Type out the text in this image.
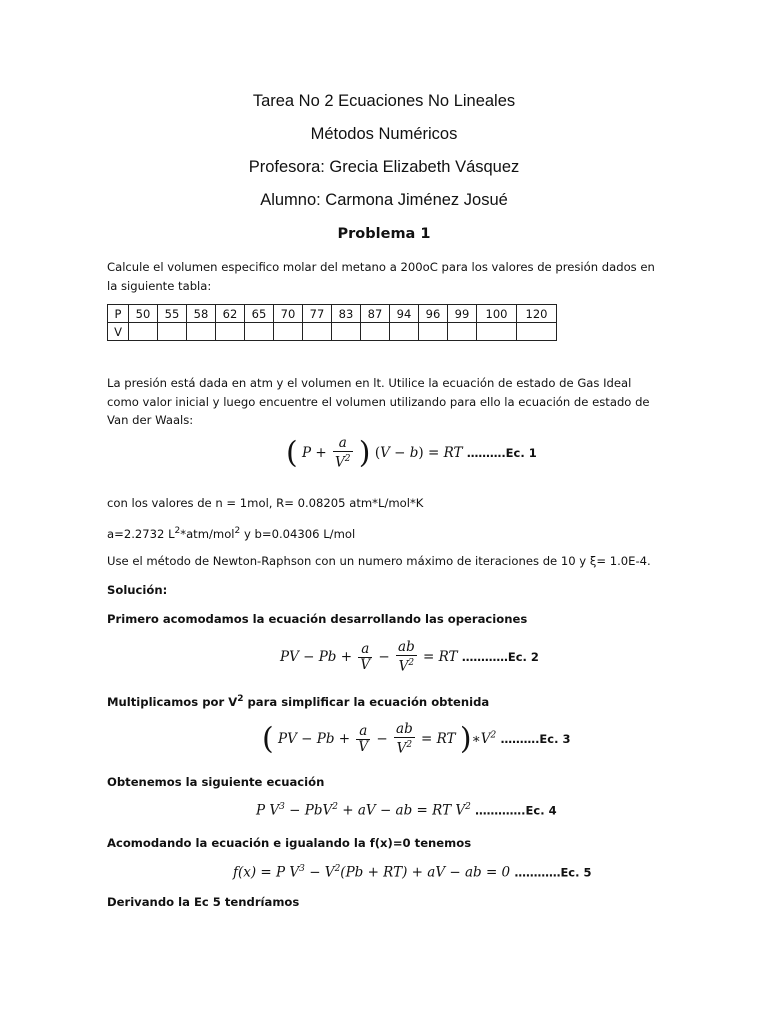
Tarea No 2 Ecuaciones No Lineales
Métodos Numéricos
Profesora: Grecia Elizabeth Vásquez
Alumno: Carmona Jiménez Josué
Problema 1
Calcule el volumen especifico molar del metano a 200oC para los valores de presión dados en la siguiente tabla:
P	50	55	58	62	65	70	77	83	87	94	96	99	100	120
V														
La presión está dada en atm y el volumen en lt. Utilice la ecuación de estado de Gas Ideal como valor inicial y luego encuentre el volumen utilizando para ello la ecuación de estado de Van der Waals:
( $P + \frac{a}{V^2}$ ) (V − b) = RT ……….Ec. 1
con los valores de n = 1mol, R= 0.08205 atm*L/mol*K
a=2.2732 $L^2*atm/mol^2$ y b=0.04306 L/mol
Use el método de Newton-Raphson con un numero máximo de iteraciones de 10 y ξ= 1.0E-4.
Solución:
Primero acomodamos la ecuación desarrollando las operaciones
PV − $Pb + \frac{a}{V} - \frac{ab}{V^2}$ = RT …………Ec. 2
Multiplicamos por $V^2$ para simplificar la ecuación obtenida
( PV − $Pb + \frac{a}{V} - \frac{ab}{V^2}$ = RT )$∗V^2$ ……….Ec. 3
Obtenemos la siguiente ecuación
P $V^3 - PbV^2$ + aV − ab = RT $V^2$ ………….Ec. 4
Acomodando la ecuación e igualando la f(x)=0 tenemos
f(x) = P $V^3 - V^2(Pb + RT)$ + aV − ab = 0 …………Ec. 5
Derivando la Ec 5 tendríamos
